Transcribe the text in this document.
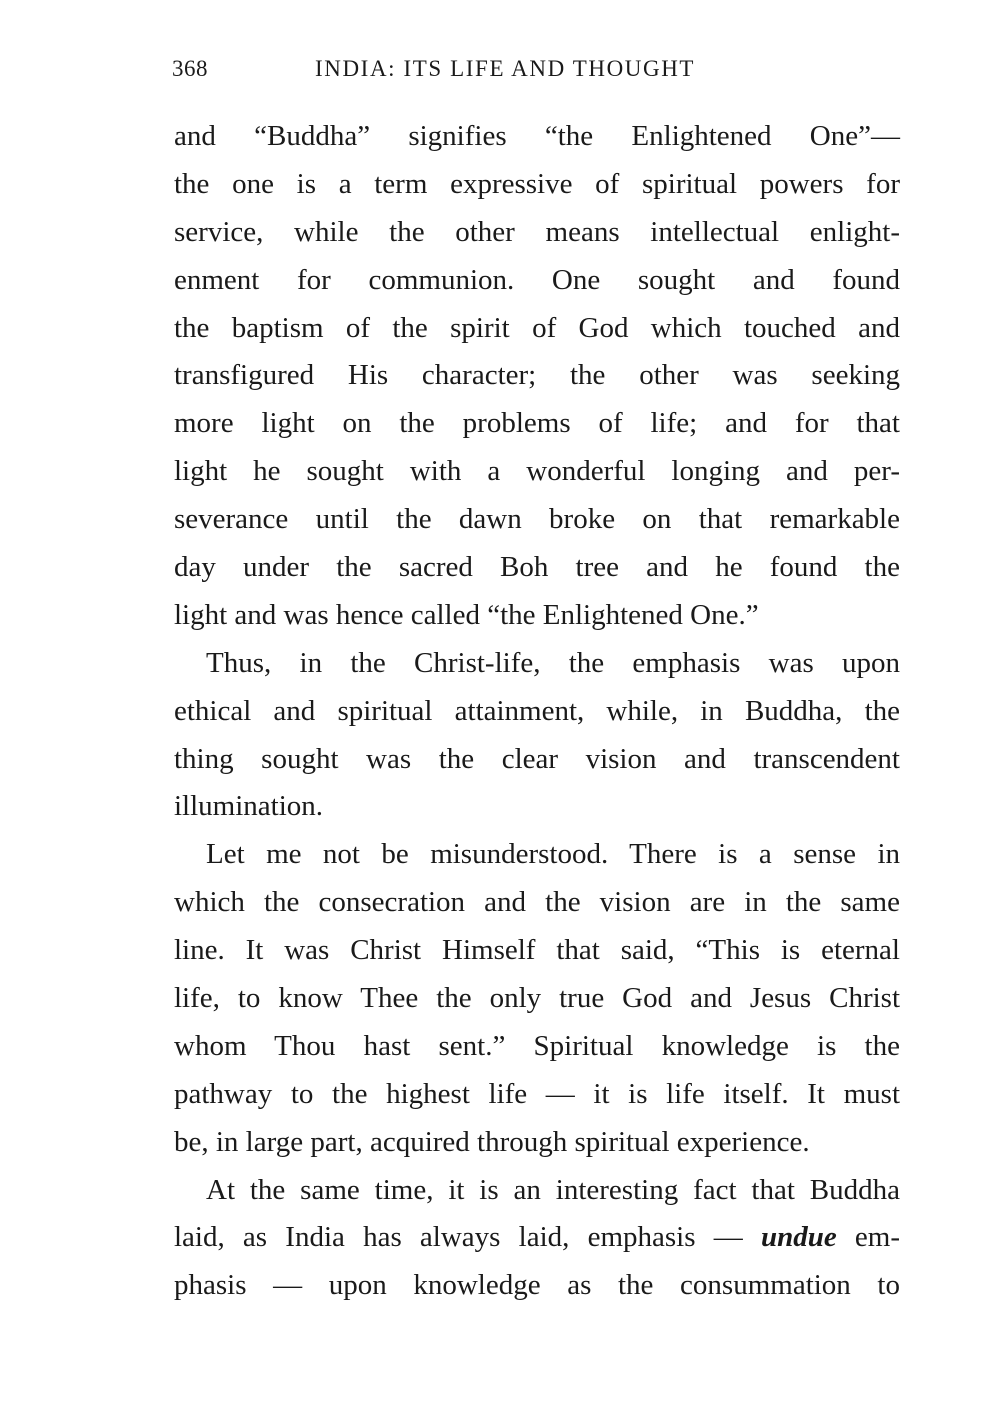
368	INDIA: ITS LIFE AND THOUGHT
and “Buddha” signifies “the Enlightened One”—
the one is a term expressive of spiritual powers for
service, while the other means intellectual enlight-
enment for communion. One sought and found
the baptism of the spirit of God which touched and
transfigured His character; the other was seeking
more light on the problems of life; and for that
light he sought with a wonderful longing and per-
severance until the dawn broke on that remarkable
day under the sacred Boh tree and he found the
light and was hence called “the Enlightened One.”
Thus, in the Christ-life, the emphasis was upon
ethical and spiritual attainment, while, in Buddha, the
thing sought was the clear vision and transcendent
illumination.
Let me not be misunderstood. There is a sense in
which the consecration and the vision are in the same
line. It was Christ Himself that said, “This is eternal
life, to know Thee the only true God and Jesus Christ
whom Thou hast sent.” Spiritual knowledge is the
pathway to the highest life — it is life itself. It must
be, in large part, acquired through spiritual experience.
At the same time, it is an interesting fact that Buddha
laid, as India has always laid, emphasis — undue em-
phasis — upon knowledge as the consummation to
